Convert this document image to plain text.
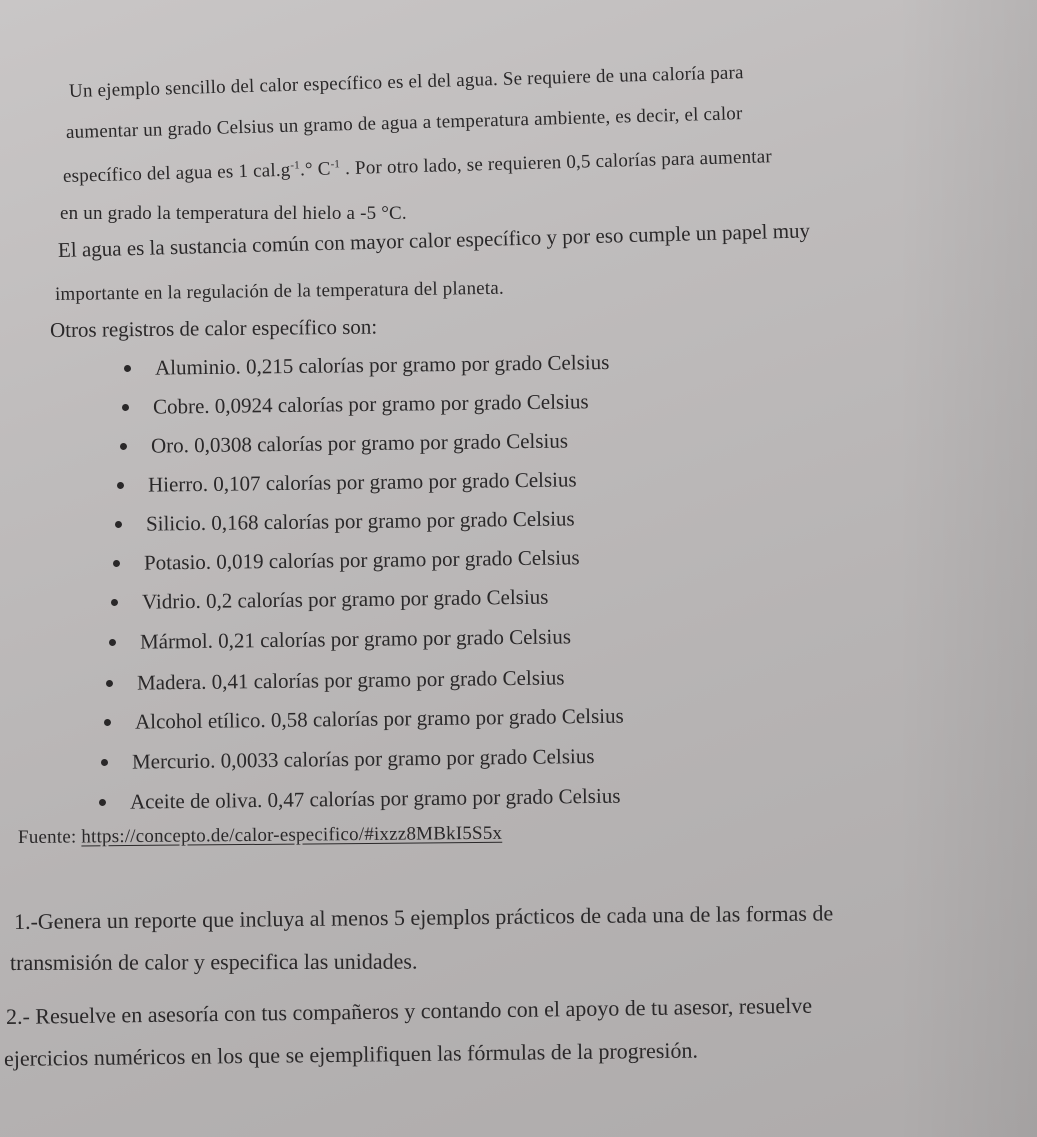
Un ejemplo sencillo del calor específico es el del agua. Se requiere de una caloría para
aumentar un grado Celsius un gramo de agua a temperatura ambiente, es decir, el calor
específico del agua es 1 $cal.g^{-1}.^\circ$ $C^{-1}$ . Por otro lado, se requieren 0,5 calorías para aumentar
en un grado la temperatura del hielo a -5 °C.
El agua es la sustancia común con mayor calor específico y por eso cumple un papel muy
importante en la regulación de la temperatura del planeta.
Otros registros de calor específico son:
Aluminio. 0,215 calorías por gramo por grado Celsius
Cobre. 0,0924 calorías por gramo por grado Celsius
Oro. 0,0308 calorías por gramo por grado Celsius
Hierro. 0,107 calorías por gramo por grado Celsius
Silicio. 0,168 calorías por gramo por grado Celsius
Potasio. 0,019 calorías por gramo por grado Celsius
Vidrio. 0,2 calorías por gramo por grado Celsius
Mármol. 0,21 calorías por gramo por grado Celsius
Madera. 0,41 calorías por gramo por grado Celsius
Alcohol etílico. 0,58 calorías por gramo por grado Celsius
Mercurio. 0,0033 calorías por gramo por grado Celsius
Aceite de oliva. 0,47 calorías por gramo por grado Celsius
Fuente: https://concepto.de/calor-especifico/#ixzz8MBkI5S5x
1.-Genera un reporte que incluya al menos 5 ejemplos prácticos de cada una de las formas de
transmisión de calor y especifica las unidades.
2.- Resuelve en asesoría con tus compañeros y contando con el apoyo de tu asesor, resuelve
ejercicios numéricos en los que se ejemplifiquen las fórmulas de la progresión.
